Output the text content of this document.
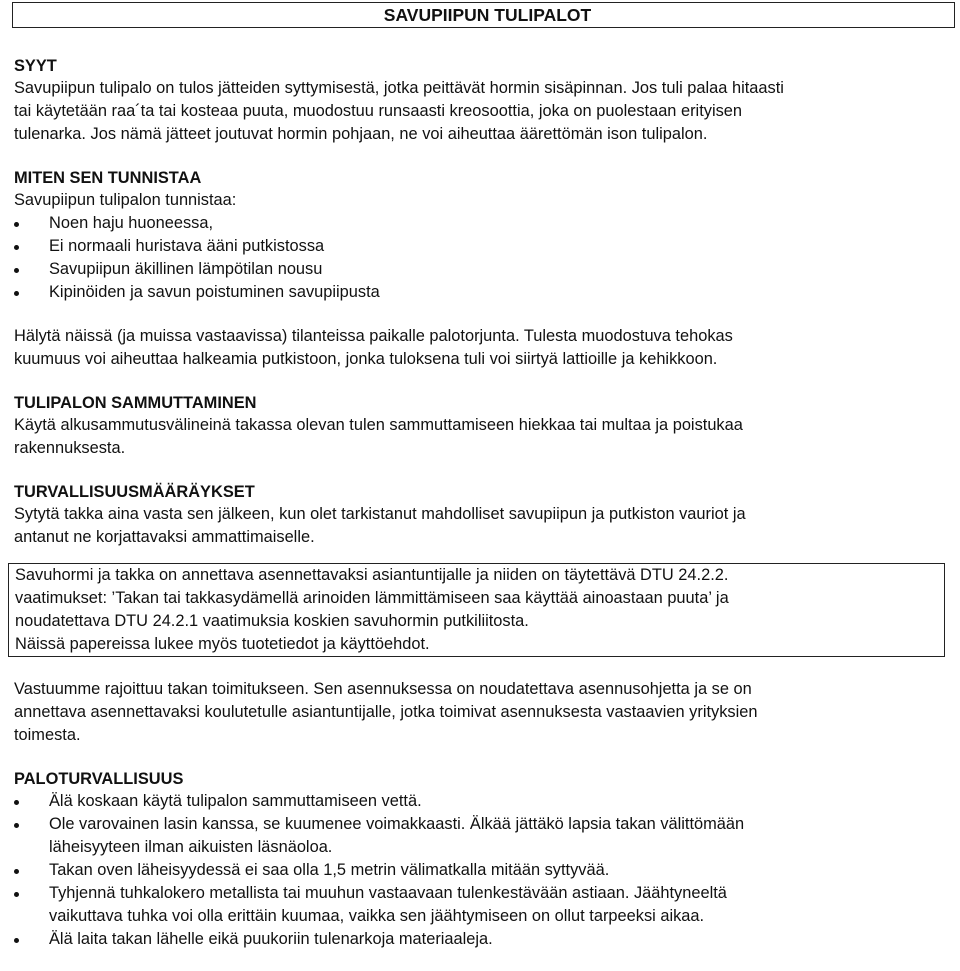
SAVUPIIPUN TULIPALOT
SYYT

Savupiipun tulipalo on tulos jätteiden syttymisestä, jotka peittävät hormin sisäpinnan. Jos tuli palaa hitaasti
tai käytetään raa´ta tai kosteaa puuta, muodostuu runsaasti kreosoottia, joka on puolestaan erityisen
tulenarka. Jos nämä jätteet joutuvat hormin pohjaan, ne voi aiheuttaa äärettömän ison tulipalon.

MITEN SEN TUNNISTAA

Savupiipun tulipalon tunnistaa:

Noen haju huoneessa,
Ei normaali huristava ääni putkistossa
Savupiipun äkillinen lämpötilan nousu
Kipinöiden ja savun poistuminen savupiipusta

Hälytä näissä (ja muissa vastaavissa) tilanteissa paikalle palotorjunta. Tulesta muodostuva tehokas
kuumuus voi aiheuttaa halkeamia putkistoon, jonka tuloksena tuli voi siirtyä lattioille ja kehikkoon.

TULIPALON SAMMUTTAMINEN

Käytä alkusammutusvälineinä takassa olevan tulen sammuttamiseen hiekkaa tai multaa ja poistukaa
rakennuksesta.

TURVALLISUUSMÄÄRÄYKSET

Sytytä takka aina vasta sen jälkeen, kun olet tarkistanut mahdolliset savupiipun ja putkiston vauriot ja
antanut ne korjattavaksi ammattimaiselle.

Savuhormi ja takka on annettava asennettavaksi asiantuntijalle ja niiden on täytettävä DTU 24.2.2.
vaatimukset: ’Takan tai takkasydämellä arinoiden lämmittämiseen saa käyttää ainoastaan puuta’ ja
noudatettava DTU 24.2.1 vaatimuksia koskien savuhormin putkiliitosta.
Näissä papereissa lukee myös tuotetiedot ja käyttöehdot.

Vastuumme rajoittuu takan toimitukseen. Sen asennuksessa on noudatettava asennusohjetta ja se on
annettava asennettavaksi koulutetulle asiantuntijalle, jotka toimivat asennuksesta vastaavien yrityksien
toimesta.

PALOTURVALLISUUS
Älä koskaan käytä tulipalon sammuttamiseen vettä.
Ole varovainen lasin kanssa, se kuumenee voimakkaasti. Älkää jättäkö lapsia takan välittömään
läheisyyteen ilman aikuisten läsnäoloa.
Takan oven läheisyydessä ei saa olla 1,5 metrin välimatkalla mitään syttyvää.
Tyhjennä tuhkalokero metallista tai muuhun vastaavaan tulenkestävään astiaan. Jäähtyneeltä
vaikuttava tuhka voi olla erittäin kuumaa, vaikka sen jäähtymiseen on ollut tarpeeksi aikaa.
Älä laita takan lähelle eikä puukoriin tulenarkoja materiaaleja.
